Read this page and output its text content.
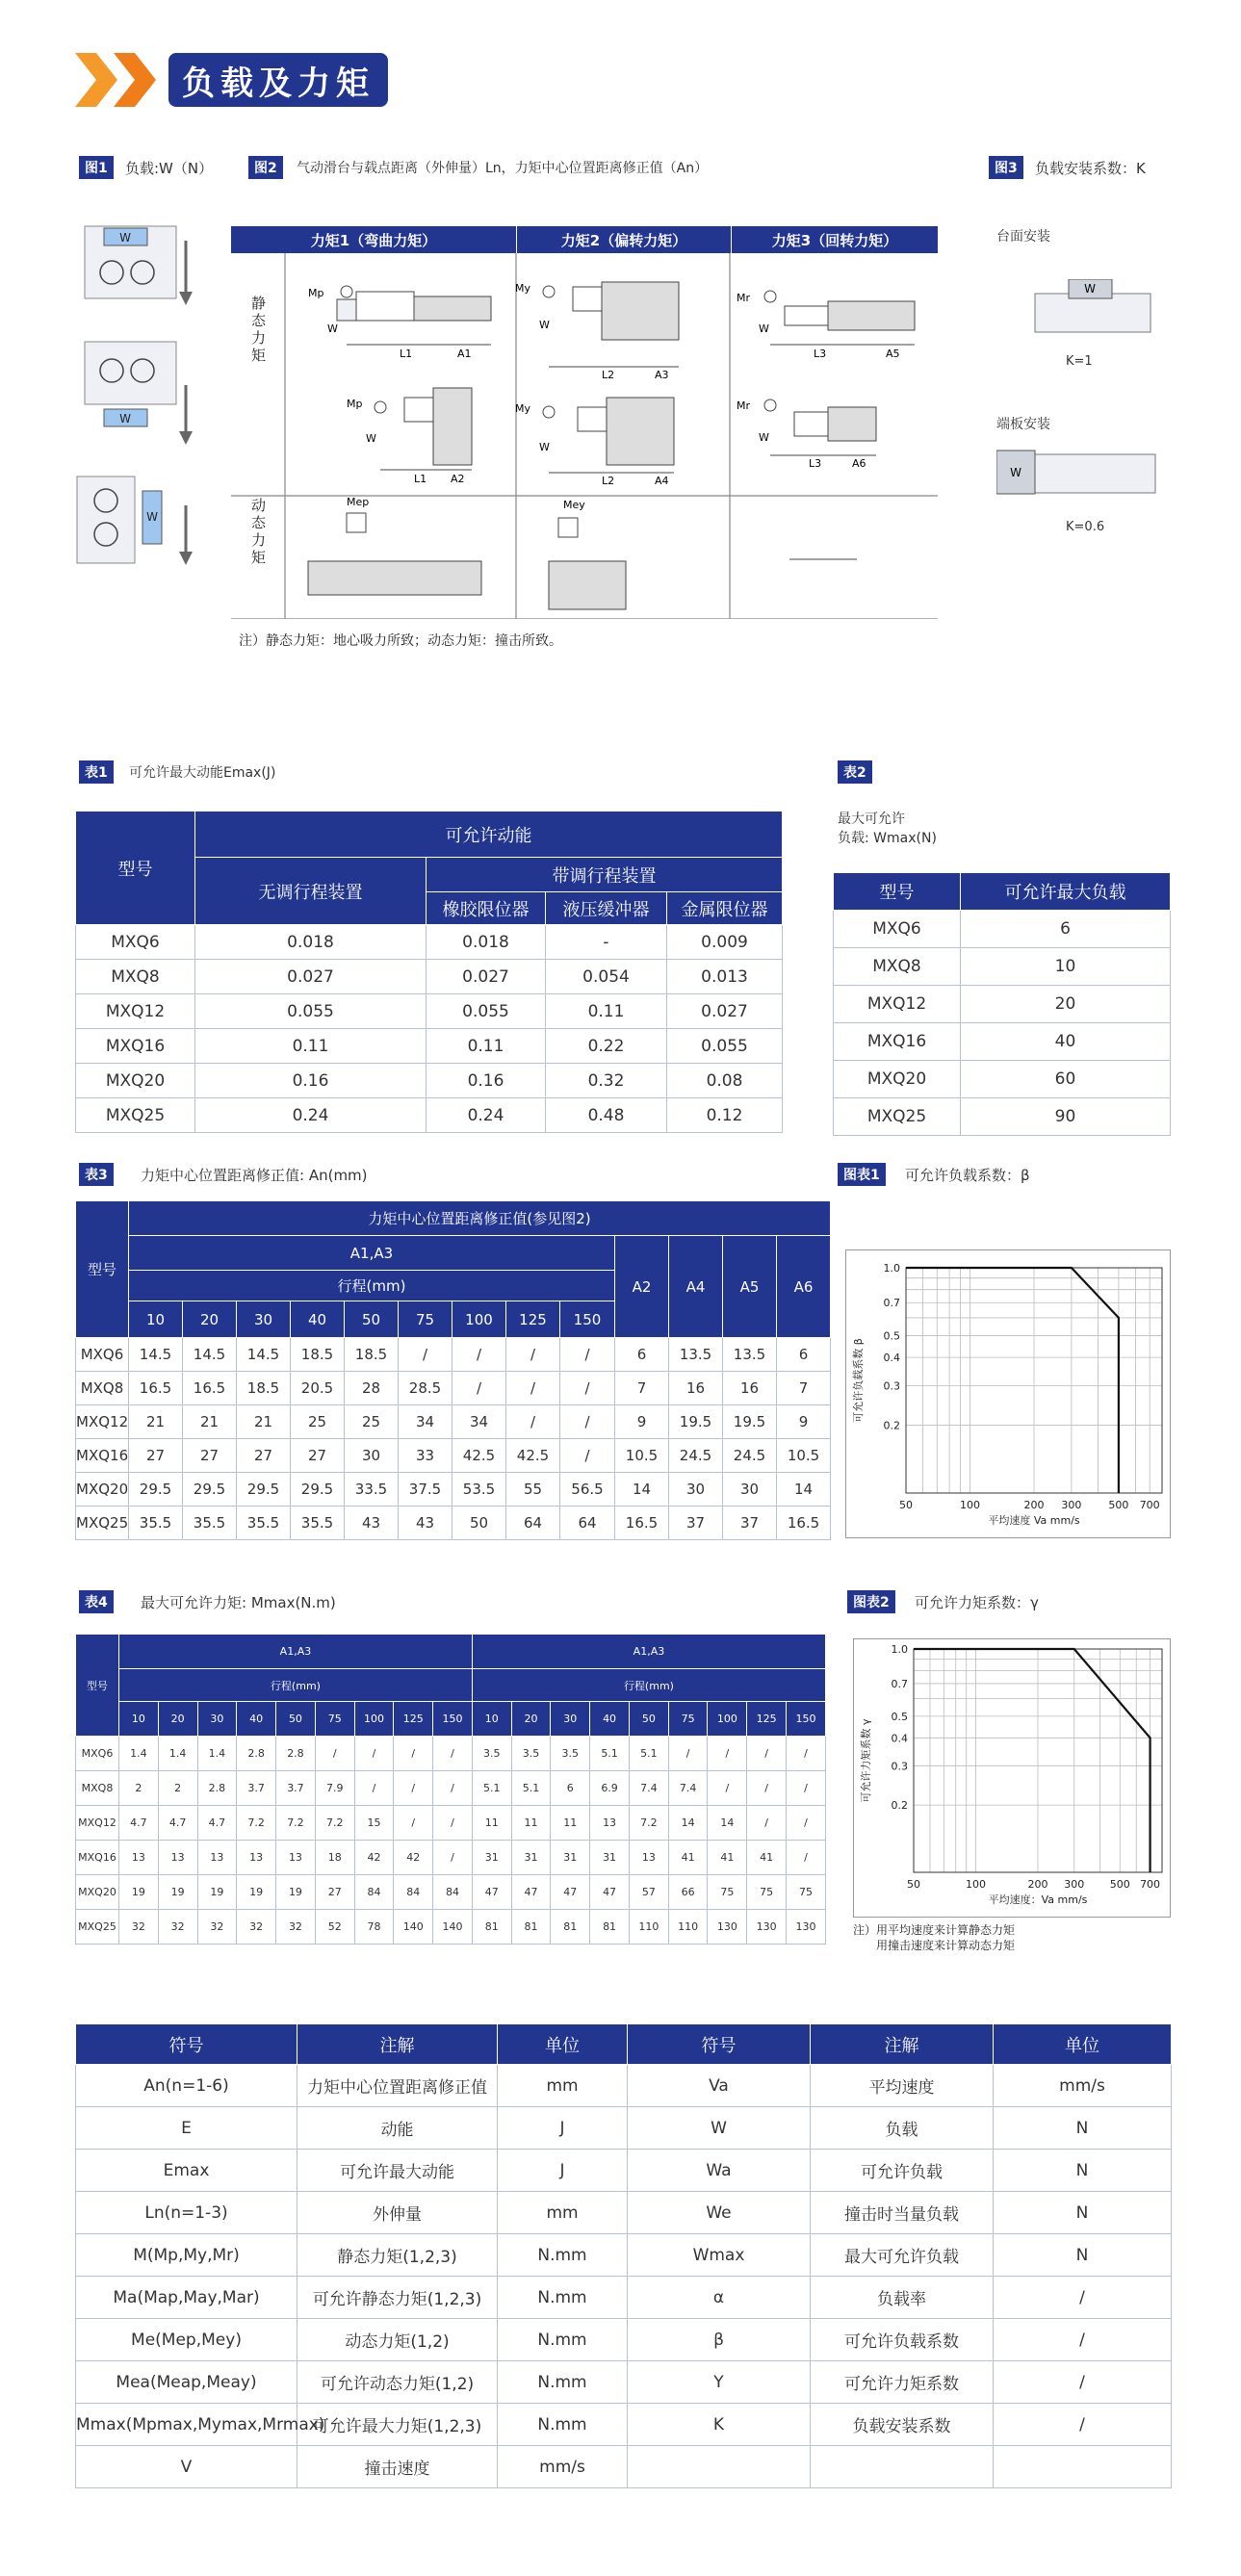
负载及力矩
图1	负载:W（N）
W
W
W
图2	气动滑台与载点距离（外伸量）Ln，力矩中心位置距离修正值（An）
力矩1（弯曲力矩）	力矩2（偏转力矩）	力矩3（回转力矩）
Mp
W
L1	A1
Mp
W
L1 A2
My
W
L2	A3
My
W
L2	A4
Mr
W
L3	A5
Mr
W
L3	A6
Mep	Mey
静态力矩
动态力矩
注）静态力矩：地心吸力所致；动态力矩：撞击所致。
图3	负载安装系数：K
台面安装
W
K=1
端板安装
W
K=0.6
表1	可允许最大动能Emax(J)
型号	可允许动能			
	无调行程装置	带调行程装置		
		橡胶限位器	液压缓冲器	金属限位器
MXQ6	0.018	0.018	-	0.009
MXQ8	0.027	0.027	0.054	0.013
MXQ12	0.055	0.055	0.11	0.027
MXQ16	0.11	0.11	0.22	0.055
MXQ20	0.16	0.16	0.32	0.08
MXQ25	0.24	0.24	0.48	0.12
表2
最大可允许
负载: Wmax(N)
型号	可允许最大负载
MXQ6	6
MXQ8	10
MXQ12	20
MXQ16	40
MXQ20	60
MXQ25	90
表3	力矩中心位置距离修正值: An(mm)
型号	力矩中心位置距离修正值(参见图2)												
	A1,A3									A2	A4	A5	A6
	行程(mm)												
	10	20	30	40	50	75	100	125	150				
MXQ6	14.5	14.5	14.5	18.5	18.5	/	/	/	/	6	13.5	13.5	6
MXQ8	16.5	16.5	18.5	20.5	28	28.5	/	/	/	7	16	16	7
MXQ12	21	21	21	25	25	34	34	/	/	9	19.5	19.5	9
MXQ16	27	27	27	27	30	33	42.5	42.5	/	10.5	24.5	24.5	10.5
MXQ20	29.5	29.5	29.5	29.5	33.5	37.5	53.5	55	56.5	14	30	30	14
MXQ25	35.5	35.5	35.5	35.5	43	43	50	64	64	16.5	37	37	16.5
图表1	可允许负载系数：β
50	100	200 300	500 700
1.0
0.7
0.5
0.4
0.3
0.2
平均速度 Va mm/s
可允许负载系数 β
表4	最大可允许力矩: Mmax(N.m)
型号	A1,A3									A1,A3								
	行程(mm)									行程(mm)								
	10	20	30	40	50	75	100	125	150	10	20	30	40	50	75	100	125	150
MXQ6	1.4	1.4	1.4	2.8	2.8	/	/	/	/	3.5	3.5	3.5	5.1	5.1	/	/	/	/
MXQ8	2	2	2.8	3.7	3.7	7.9	/	/	/	5.1	5.1	6	6.9	7.4	7.4	/	/	/
MXQ12	4.7	4.7	4.7	7.2	7.2	7.2	15	/	/	11	11	11	13	7.2	14	14	/	/
MXQ16	13	13	13	13	13	18	42	42	/	31	31	31	31	13	41	41	41	/
MXQ20	19	19	19	19	19	27	84	84	84	47	47	47	47	57	66	75	75	75
MXQ25	32	32	32	32	32	52	78	140	140	81	81	81	81	110	110	130	130	130
图表2	可允许力矩系数：γ
50	100	200 300 500 700
1.0
0.7
0.5
0.4
0.3
0.2
平均速度：Va mm/s
可允许力矩系数 γ
注）用平均速度来计算静态力矩
用撞击速度来计算动态力矩
符号	注解	单位	符号	注解	单位
An(n=1-6)	力矩中心位置距离修正值	mm	Va	平均速度	mm/s
E	动能	J	W	负载	N
Emax	可允许最大动能	J	Wa	可允许负载	N
Ln(n=1-3)	外伸量	mm	We	撞击时当量负载	N
M(Mp,My,Mr)	静态力矩(1,2,3)	N.mm	Wmax	最大可允许负载	N
Ma(Map,May,Mar)	可允许静态力矩(1,2,3)	N.mm	α	负载率	/
Me(Mep,Mey)	动态力矩(1,2)	N.mm	β	可允许负载系数	/
Mea(Meap,Meay)	可允许动态力矩(1,2)	N.mm	Y	可允许力矩系数	/
Mmax(Mpmax,Mymax,Mrmax)	可允许最大力矩(1,2,3)	N.mm	K	负载安装系数	/
V	撞击速度	mm/s			
